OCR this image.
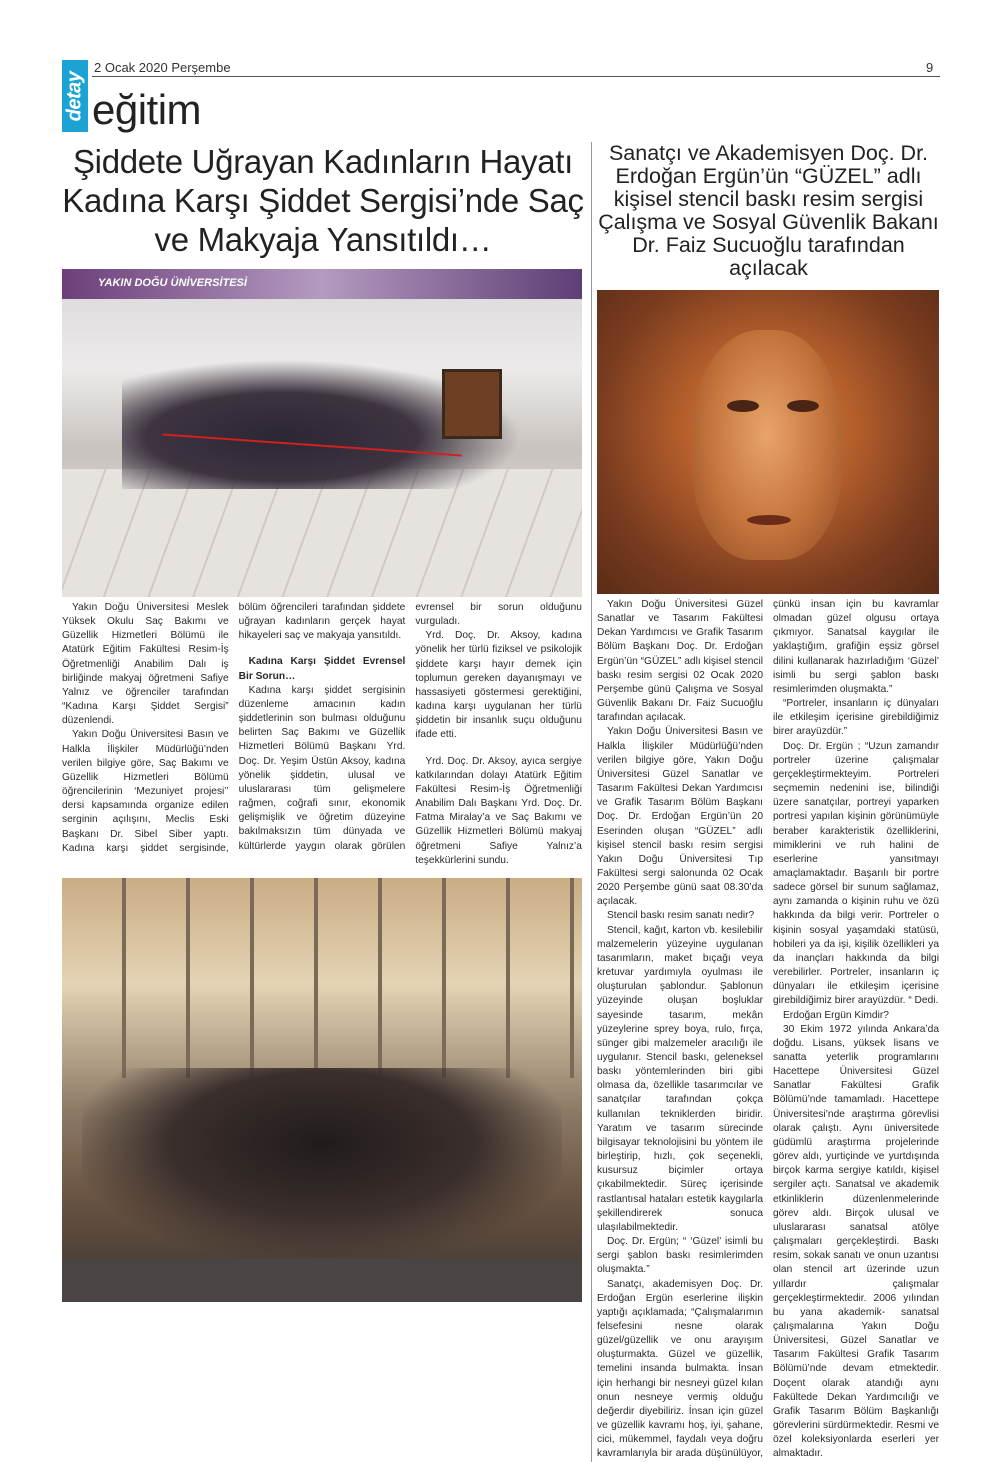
detay
2 Ocak 2020 Perşembe	9
eğitim
Şiddete Uğrayan Kadınların Hayatı Kadına Karşı Şiddet Sergisi’nde Saç ve Makyaja Yansıtıldı…
YAKIN DOĞU ÜNİVERSİTESİ

Yakın Doğu Üniversitesi Meslek Yüksek Okulu Saç Bakımı ve Güzellik Hizmetleri Bölümü ile Atatürk Eğitim Fakültesi Resim-İş Öğretmenliği Anabilim Dalı iş birliğinde makyaj öğretmeni Safiye Yalnız ve öğrenciler tarafından “Kadına Karşı Şiddet Sergisi” düzenlendi.

Yakın Doğu Üniversitesi Basın ve Halkla İlişkiler Müdürlüğü’nden verilen bilgiye göre, Saç Bakımı ve Güzellik Hizmetleri Bölümü öğrencilerinin ‘Mezuniyet projesi’’ dersi kapsamında organize edilen serginin açılışını, Meclis Eski Başkanı Dr. Sibel Siber yaptı. Kadına karşı şiddet sergisinde, bölüm öğrencileri tarafından şiddete uğrayan kadınların gerçek hayat hikayeleri saç ve makyaja yansıtıldı.

Kadına Karşı Şiddet Evrensel Bir Sorun…

Kadına karşı şiddet sergisinin düzenleme amacının kadın şiddetlerinin son bulması olduğunu belirten Saç Bakımı ve Güzellik Hizmetleri Bölümü Başkanı Yrd. Doç. Dr. Yeşim Üstün Aksoy, kadına yönelik şiddetin, ulusal ve uluslararası tüm gelişmelere rağmen, coğrafi sınır, ekonomik gelişmişlik ve öğretim düzeyine bakılmaksızın tüm dünyada ve kültürlerde yaygın olarak görülen evrensel bir sorun olduğunu vurguladı.

Yrd. Doç. Dr. Aksoy, kadına yönelik her türlü fiziksel ve psikolojik şiddete karşı hayır demek için toplumun gereken dayanışmayı ve hassasiyeti göstermesi gerektiğini, kadına karşı uygulanan her türlü şiddetin bir insanlık suçu olduğunu ifade etti.

Yrd. Doç. Dr. Aksoy, ayıca sergiye katkılarından dolayı Atatürk Eğitim Fakültesi Resim-İş Öğretmenliği Anabilim Dalı Başkanı Yrd. Doç. Dr. Fatma Miralay’a ve Saç Bakımı ve Güzellik Hizmetleri Bölümü makyaj öğretmeni Safiye Yalnız’a teşekkürlerini sundu.

Sanatçı ve Akademisyen Doç. Dr. Erdoğan Ergün’ün “GÜZEL” adlı kişisel stencil baskı resim sergisi Çalışma ve Sosyal Güvenlik Bakanı Dr. Faiz Sucuoğlu tarafından açılacak

Yakın Doğu Üniversitesi Güzel Sanatlar ve Tasarım Fakültesi Dekan Yardımcısı ve Grafik Tasarım Bölüm Başkanı Doç. Dr. Erdoğan Ergün’ün “GÜZEL” adlı kişisel stencil baskı resim sergisi 02 Ocak 2020 Perşembe günü Çalışma ve Sosyal Güvenlik Bakanı Dr. Faiz Sucuoğlu tarafından açılacak.

Yakın Doğu Üniversitesi Basın ve Halkla İlişkiler Müdürlüğü’nden verilen bilgiye göre, Yakın Doğu Üniversitesi Güzel Sanatlar ve Tasarım Fakültesi Dekan Yardımcısı ve Grafik Tasarım Bölüm Başkanı Doç. Dr. Erdoğan Ergün’ün 20 Eserinden oluşan “GÜZEL” adlı kişisel stencil baskı resim sergisi Yakın Doğu Üniversitesi Tıp Fakültesi sergi salonunda 02 Ocak 2020 Perşembe günü saat 08.30’da açılacak.

Stencil baskı resim sanatı nedir?

Stencil, kağıt, karton vb. kesilebilir malzemelerin yüzeyine uygulanan tasarımların, maket bıçağı veya kretuvar yardımıyla oyulması ile oluşturulan şablondur. Şablonun yüzeyinde oluşan boşluklar sayesinde tasarım, mekân yüzeylerine sprey boya, rulo, fırça, sünger gibi malzemeler aracılığı ile uygulanır. Stencil baskı, geleneksel baskı yöntemlerinden biri gibi olmasa da, özellikle tasarımcılar ve sanatçılar tarafından çokça kullanılan tekniklerden biridir. Yaratım ve tasarım sürecinde bilgisayar teknolojisini bu yöntem ile birleştirip, hızlı, çok seçenekli, kusursuz biçimler ortaya çıkabilmektedir. Süreç içerisinde rastlantısal hataları estetik kaygılarla şekillendirerek sonuca ulaşılabilmektedir.

Doç. Dr. Ergün; “ ‘Güzel’ isimli bu sergi şablon baskı resimlerimden oluşmakta.”

Sanatçı, akademisyen Doç. Dr. Erdoğan Ergün eserlerine ilişkin yaptığı açıklamada; “Çalışmalarımın felsefesini nesne olarak güzel/güzellik ve onu arayışım oluşturmakta. Güzel ve güzellik, temelini insanda bulmakta. İnsan için herhangi bir nesneyi güzel kılan onun nesneye vermiş olduğu değerdir diyebiliriz. İnsan için güzel ve güzellik kavramı hoş, iyi, şahane, cici, mükemmel, faydalı veya doğru kavramlarıyla bir arada düşünülüyor, çünkü insan için bu kavramlar olmadan güzel olgusu ortaya çıkmıyor. Sanatsal kaygılar ile yaklaştığım, grafiğin eşsiz görsel dilini kullanarak hazırladığım ‘Güzel’ isimli bu sergi şablon baskı resimlerimden oluşmakta.”

“Portreler, insanların iç dünyaları ile etkileşim içerisine girebildiğimiz birer arayüzdür.”

Doç. Dr. Ergün ; “Uzun zamandır portreler üzerine çalışmalar gerçekleştirmekteyim. Portreleri seçmemin nedenini ise, bilindiği üzere sanatçılar, portreyi yaparken portresi yapılan kişinin görünümüyle beraber karakteristik özelliklerini, mimiklerini ve ruh halini de eserlerine yansıtmayı amaçlamaktadır. Başarılı bir portre sadece görsel bir sunum sağlamaz, aynı zamanda o kişinin ruhu ve özü hakkında da bilgi verir. Portreler o kişinin sosyal yaşamdaki statüsü, hobileri ya da işi, kişilik özellikleri ya da inançları hakkında da bilgi verebilirler. Portreler, insanların iç dünyaları ile etkileşim içerisine girebildiğimiz birer arayüzdür. “ Dedi.

Erdoğan Ergün Kimdir?

30 Ekim 1972 yılında Ankara’da doğdu. Lisans, yüksek lisans ve sanatta yeterlik programlarını Hacettepe Üniversitesi Güzel Sanatlar Fakültesi Grafik Bölümü’nde tamamladı. Hacettepe Üniversitesi’nde araştırma görevlisi olarak çalıştı. Aynı üniversitede güdümlü araştırma projelerinde görev aldı, yurtiçinde ve yurtdışında birçok karma sergiye katıldı, kişisel sergiler açtı. Sanatsal ve akademik etkinliklerin düzenlenmelerinde görev aldı. Birçok ulusal ve uluslararası sanatsal atölye çalışmaları gerçekleştirdi. Baskı resim, sokak sanatı ve onun uzantısı olan stencil art üzerinde uzun yıllardır çalışmalar gerçekleştirmektedir. 2006 yılından bu yana akademik- sanatsal çalışmalarına Yakın Doğu Üniversitesi, Güzel Sanatlar ve Tasarım Fakültesi Grafik Tasarım Bölümü’nde devam etmektedir. Doçent olarak atandığı aynı Fakültede Dekan Yardımcılığı ve Grafik Tasarım Bölüm Başkanlığı görevlerini sürdürmektedir. Resmi ve özel koleksiyonlarda eserleri yer almaktadır.
